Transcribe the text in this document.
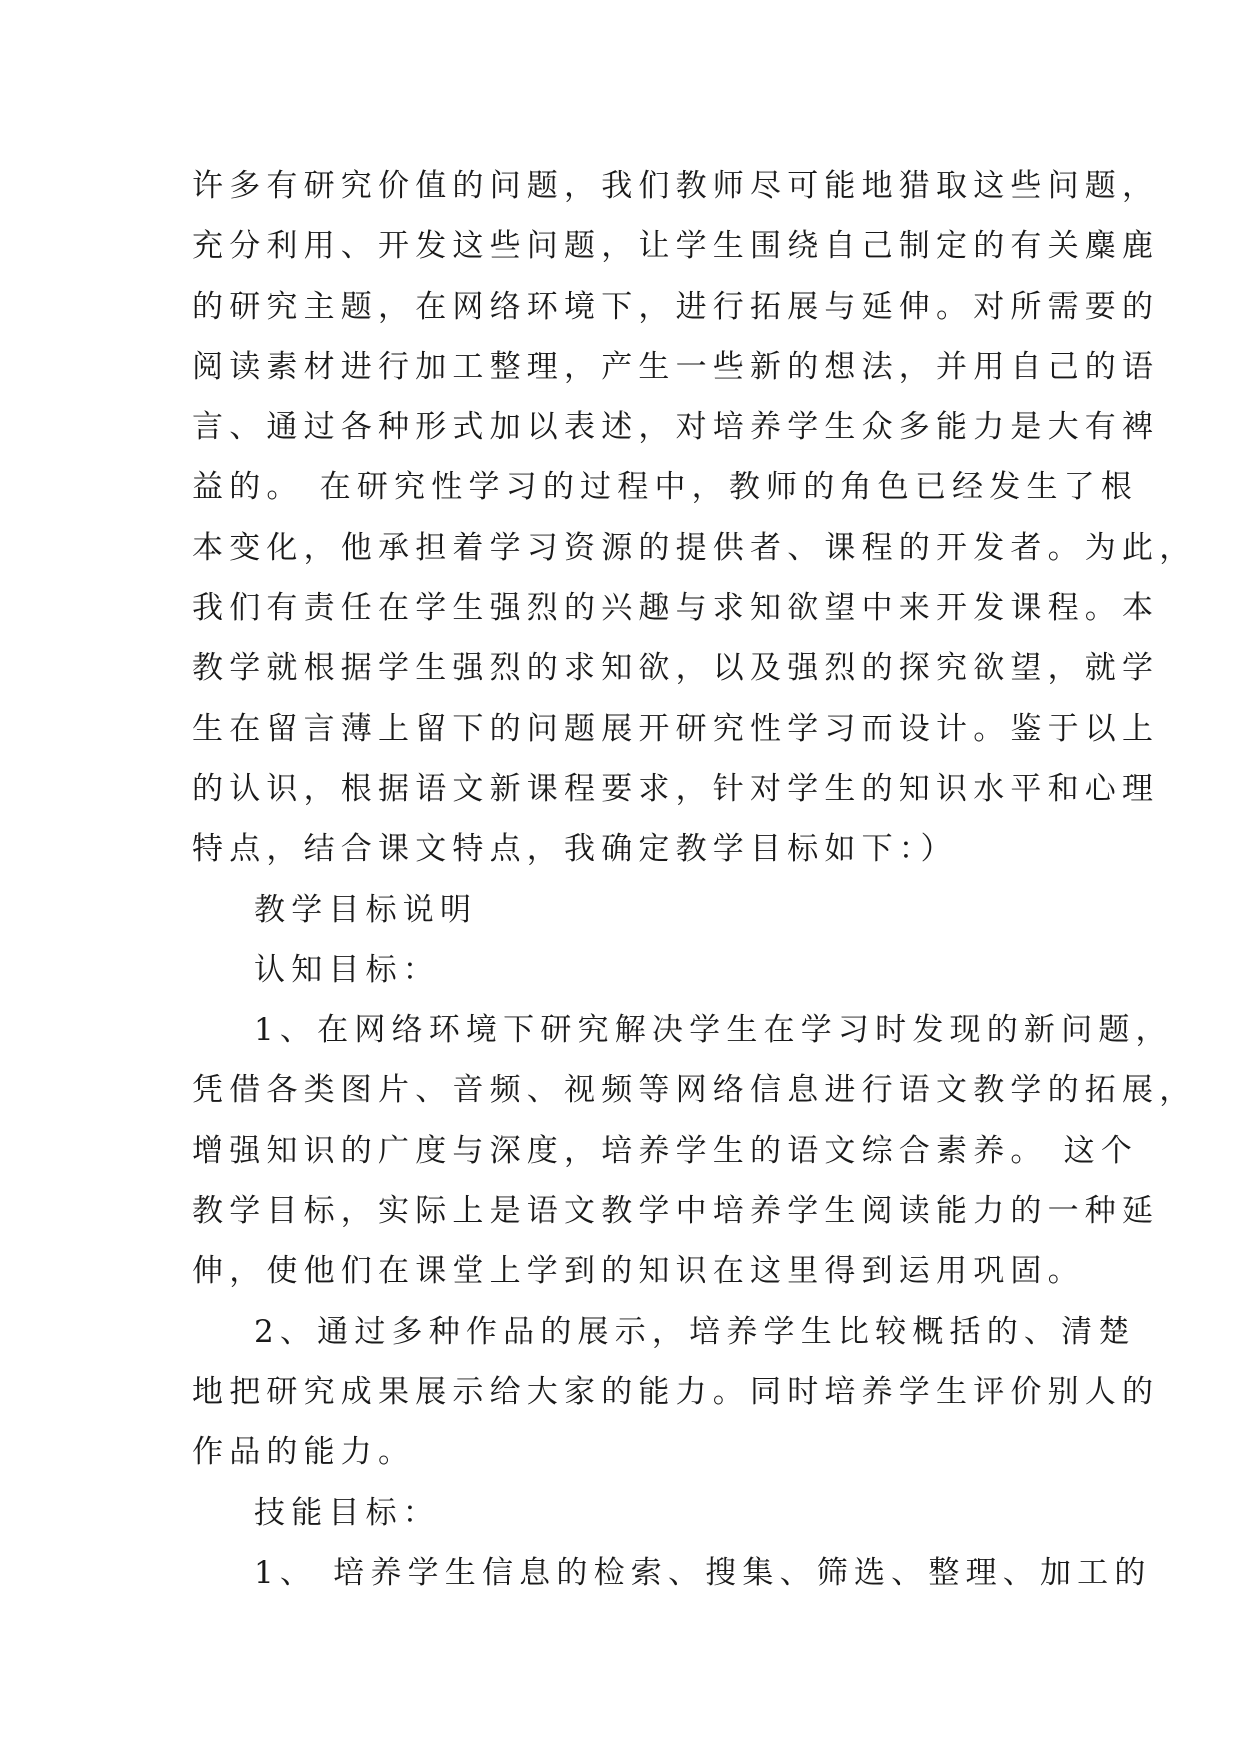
许多有研究价值的问题，我们教师尽可能地猎取这些问题，
充分利用、开发这些问题，让学生围绕自己制定的有关麋鹿
的研究主题，在网络环境下，进行拓展与延伸。对所需要的
阅读素材进行加工整理，产生一些新的想法，并用自己的语
言、通过各种形式加以表述，对培养学生众多能力是大有裨
益的。 在研究性学习的过程中，教师的角色已经发生了根
本变化，他承担着学习资源的提供者、课程的开发者。为此，
我们有责任在学生强烈的兴趣与求知欲望中来开发课程。本
教学就根据学生强烈的求知欲，以及强烈的探究欲望，就学
生在留言薄上留下的问题展开研究性学习而设计。鉴于以上
的认识，根据语文新课程要求，针对学生的知识水平和心理
特点，结合课文特点，我确定教学目标如下：）
教学目标说明
认知目标：
1、在网络环境下研究解决学生在学习时发现的新问题，
凭借各类图片、音频、视频等网络信息进行语文教学的拓展，
增强知识的广度与深度，培养学生的语文综合素养。 这个
教学目标，实际上是语文教学中培养学生阅读能力的一种延
伸，使他们在课堂上学到的知识在这里得到运用巩固。
2、通过多种作品的展示，培养学生比较概括的、清楚
地把研究成果展示给大家的能力。同时培养学生评价别人的
作品的能力。
技能目标：
1、 培养学生信息的检索、搜集、筛选、整理、加工的
